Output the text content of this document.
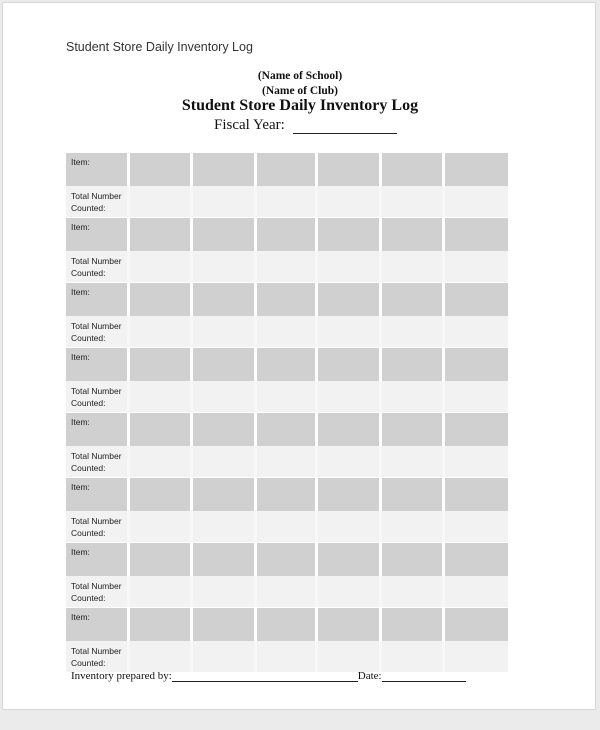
Student Store Daily Inventory Log
(Name of School)
(Name of Club)
Student Store Daily Inventory Log
Fiscal Year:
Item:
Total Number
Counted:
Item:
Total Number
Counted:
Item:
Total Number
Counted:
Item:
Total Number
Counted:
Item:
Total Number
Counted:
Item:
Total Number
Counted:
Item:
Total Number
Counted:
Item:
Total Number
Counted:
Inventory prepared by:	Date:
